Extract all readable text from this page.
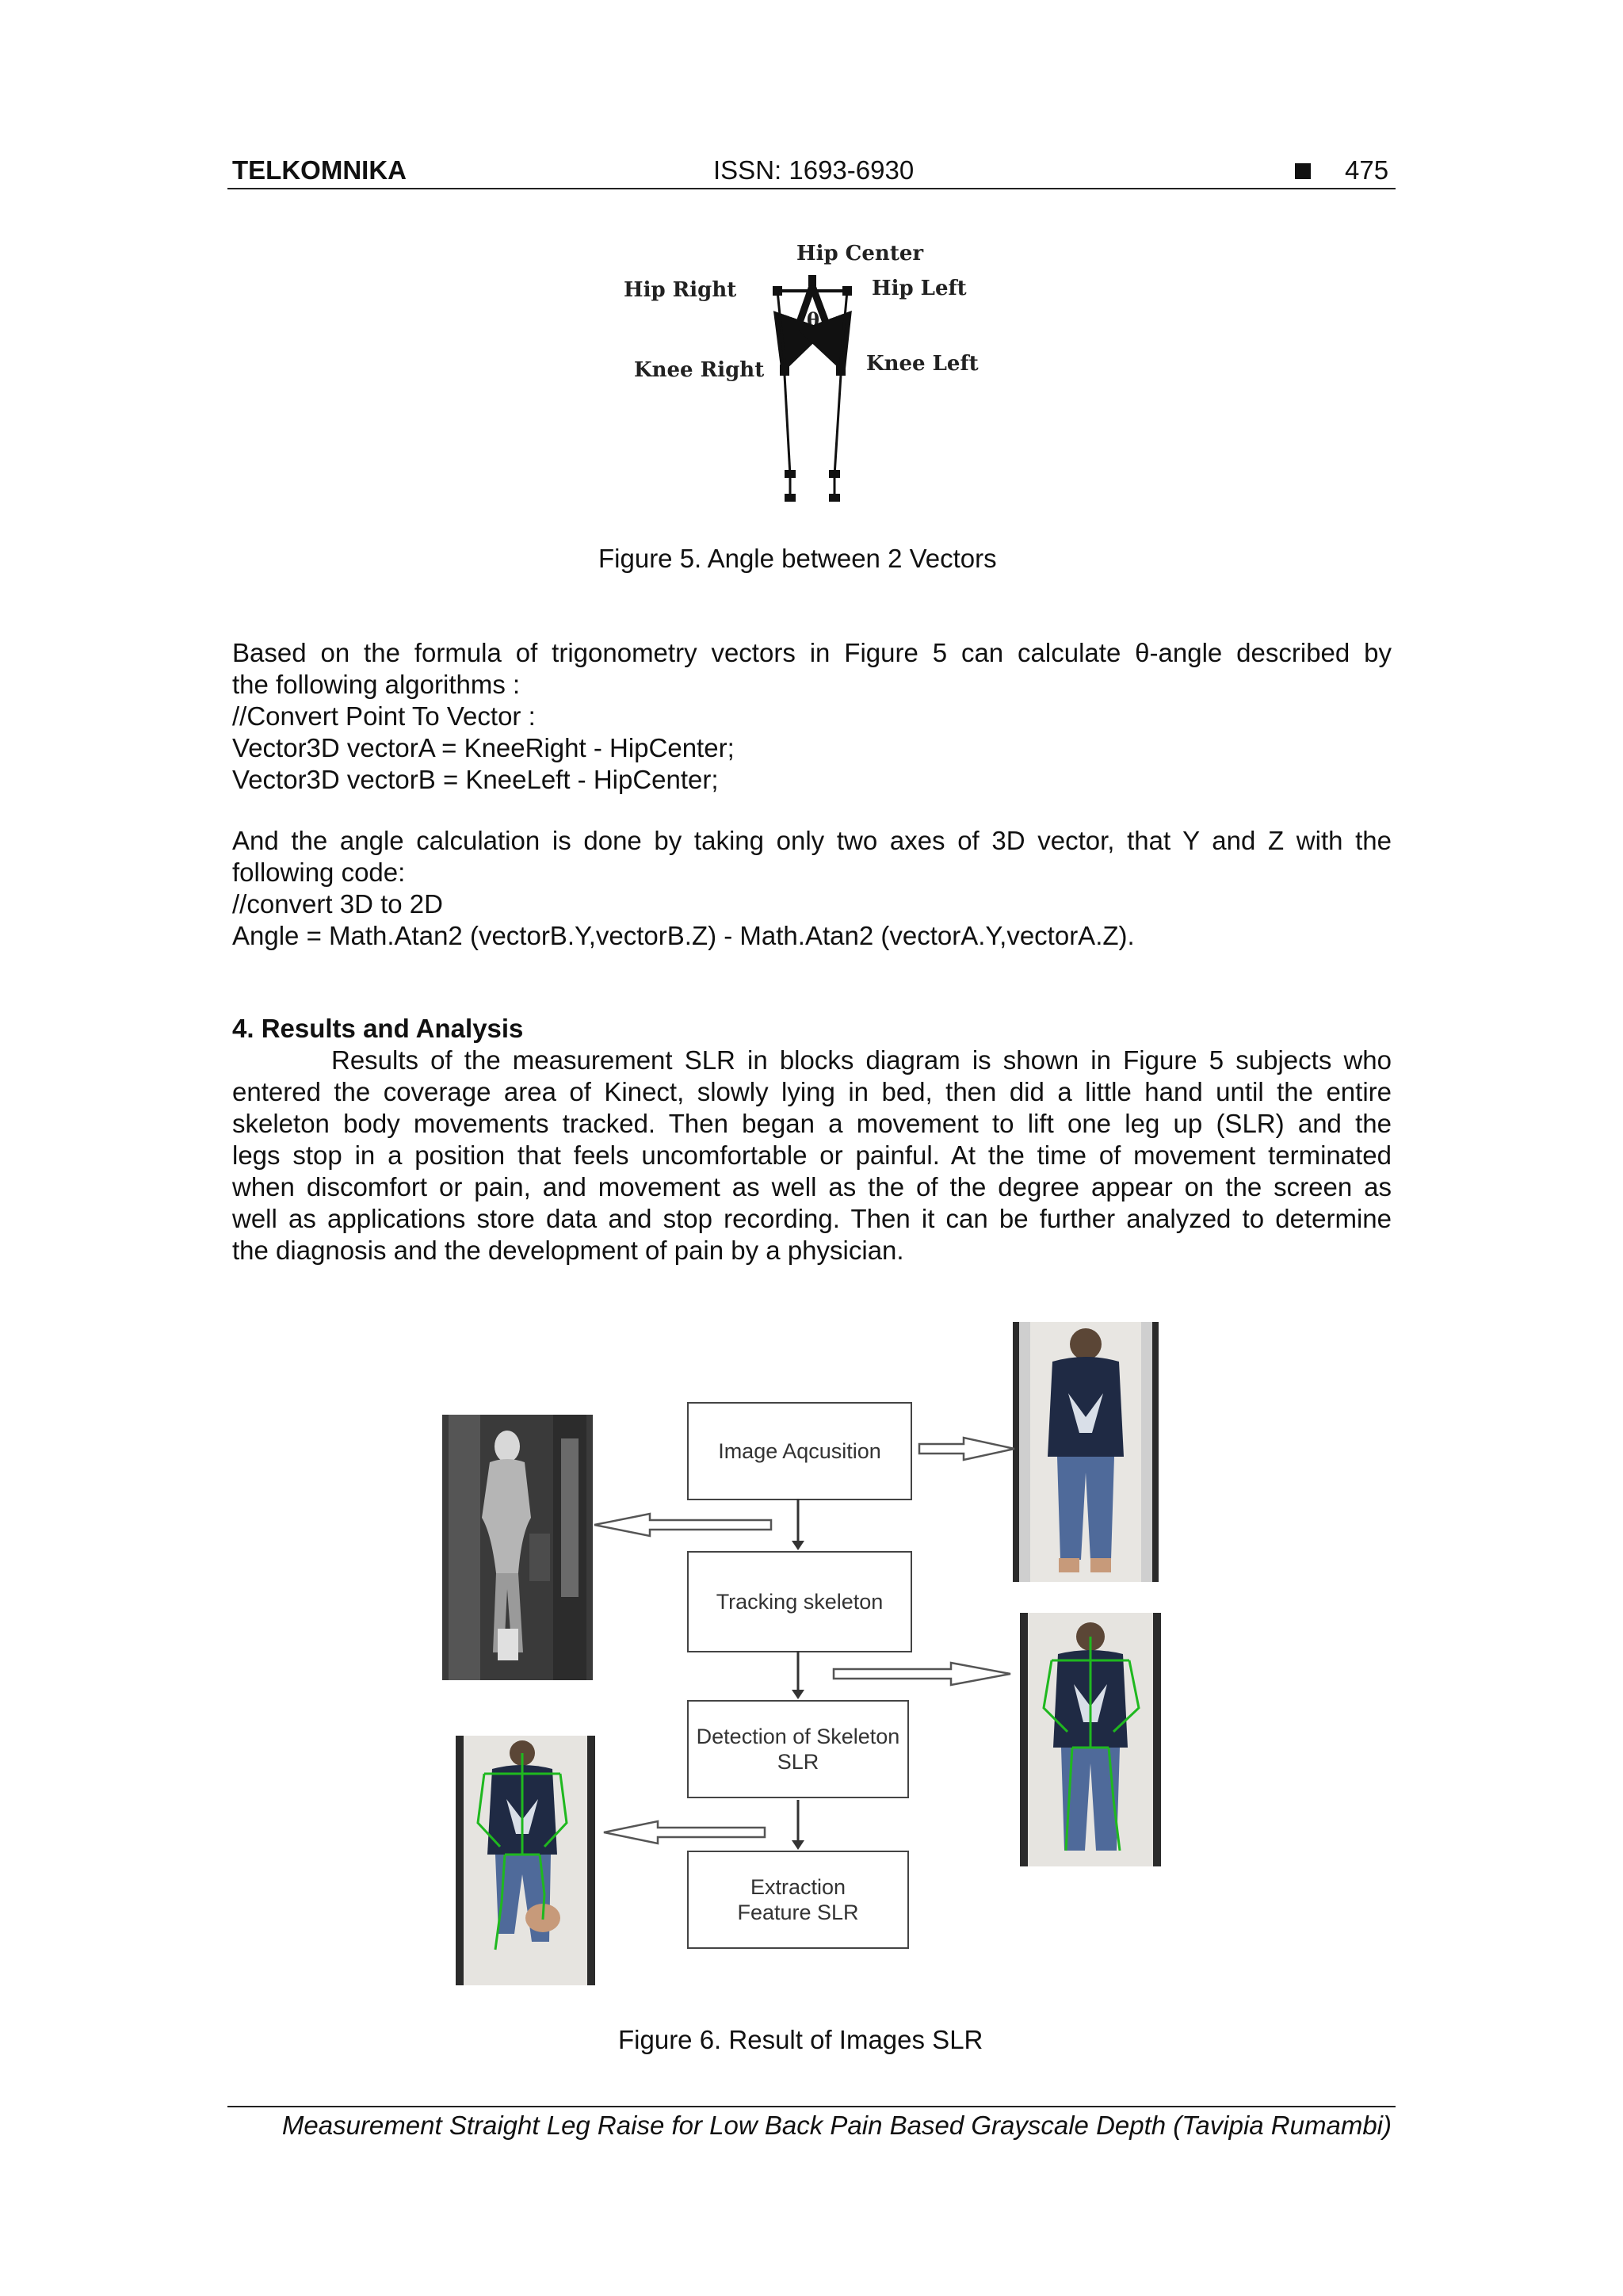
TELKOMNIKA	ISSN: 1693-6930	475
Hip Center
Hip Right	Hip Left
Knee Right	Knee Left
θ
Figure 5. Angle between 2 Vectors
Based on the formula of trigonometry vectors in Figure 5 can calculate θ-angle described by
the following algorithms :
//Convert Point To Vector :
Vector3D vectorA = KneeRight - HipCenter;
Vector3D vectorB = KneeLeft - HipCenter;
And the angle calculation is done by taking only two axes of 3D vector, that Y and Z with the
following code:
//convert 3D to 2D
Angle = Math.Atan2 (vectorB.Y,vectorB.Z) - Math.Atan2 (vectorA.Y,vectorA.Z).
4. Results and Analysis
Results of the measurement SLR in blocks diagram is shown in Figure 5 subjects who
entered the coverage area of Kinect, slowly lying in bed, then did a little hand until the entire
skeleton body movements tracked. Then began a movement to lift one leg up (SLR) and the
legs stop in a position that feels uncomfortable or painful. At the time of movement terminated
when discomfort or pain, and movement as well as the of the degree appear on the screen as
well as applications store data and stop recording. Then it can be further analyzed to determine
the diagnosis and the development of pain by a physician.
Image Aqcusition
Tracking skeleton
Detection of Skeleton SLR
Extraction Feature SLR
Figure 6. Result of Images SLR
Measurement Straight Leg Raise for Low Back Pain Based Grayscale Depth (Tavipia Rumambi)
